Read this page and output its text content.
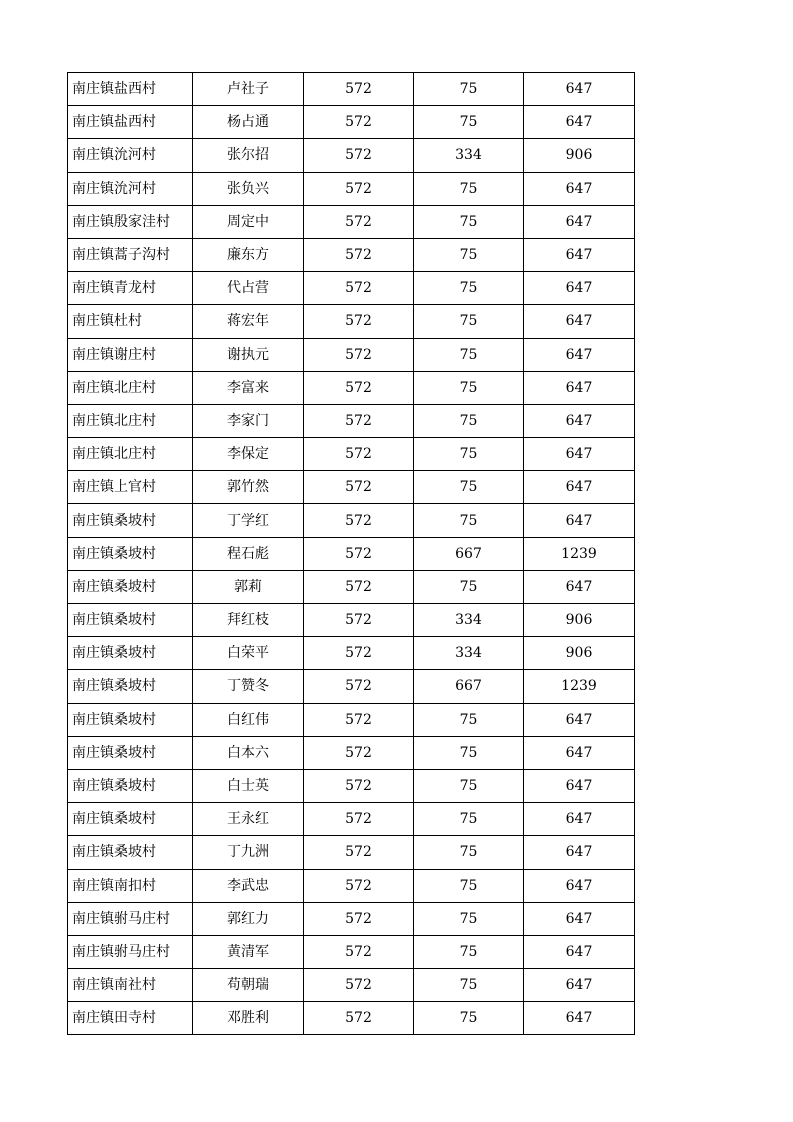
南庄镇盐西村	卢社子	572	75	647
南庄镇盐西村	杨占通	572	75	647
南庄镇沇河村	张尔招	572	334	906
南庄镇沇河村	张负兴	572	75	647
南庄镇殷家洼村	周定中	572	75	647
南庄镇蒿子沟村	廉东方	572	75	647
南庄镇青龙村	代占营	572	75	647
南庄镇杜村	蒋宏年	572	75	647
南庄镇谢庄村	谢执元	572	75	647
南庄镇北庄村	李富来	572	75	647
南庄镇北庄村	李家门	572	75	647
南庄镇北庄村	李保定	572	75	647
南庄镇上官村	郭竹然	572	75	647
南庄镇桑坡村	丁学红	572	75	647
南庄镇桑坡村	程石彪	572	667	1239
南庄镇桑坡村	郭莉	572	75	647
南庄镇桑坡村	拜红枝	572	334	906
南庄镇桑坡村	白荣平	572	334	906
南庄镇桑坡村	丁赞冬	572	667	1239
南庄镇桑坡村	白红伟	572	75	647
南庄镇桑坡村	白本六	572	75	647
南庄镇桑坡村	白士英	572	75	647
南庄镇桑坡村	王永红	572	75	647
南庄镇桑坡村	丁九洲	572	75	647
南庄镇南扣村	李武忠	572	75	647
南庄镇驸马庄村	郭红力	572	75	647
南庄镇驸马庄村	黄清军	572	75	647
南庄镇南社村	苟朝瑞	572	75	647
南庄镇田寺村	邓胜利	572	75	647
